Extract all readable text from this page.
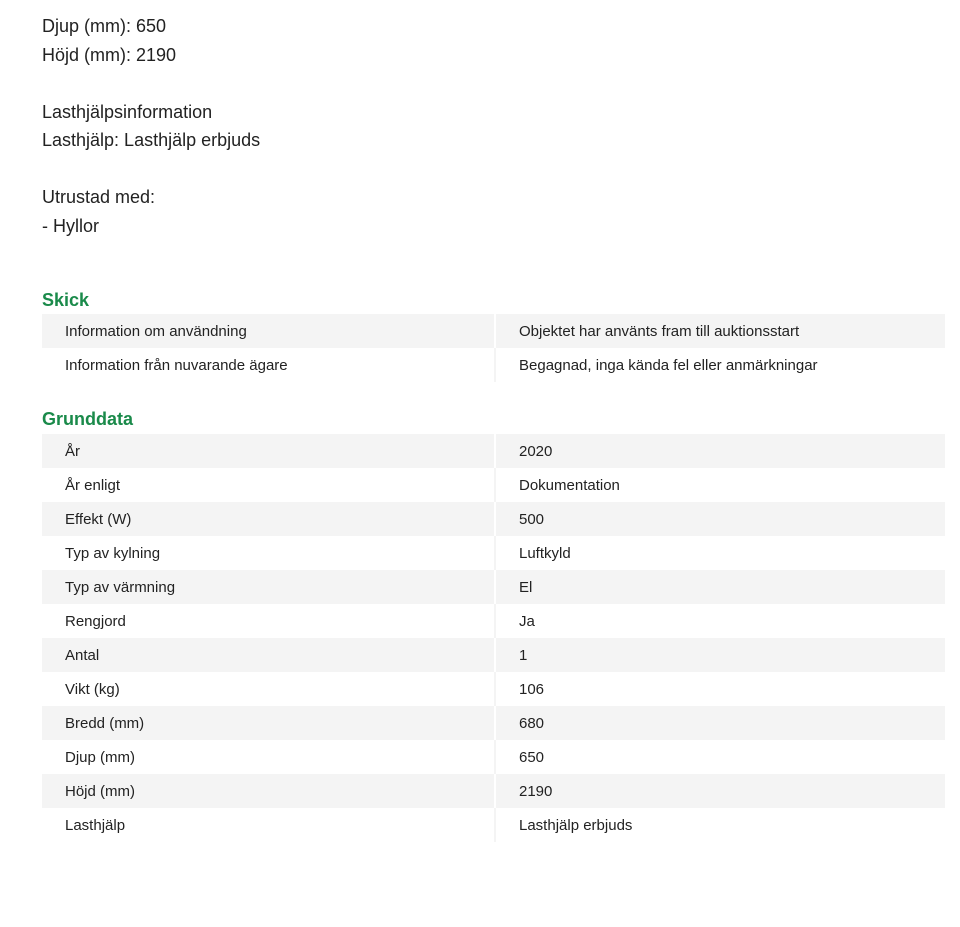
Djup (mm): 650
Höjd (mm): 2190
Lasthjälpsinformation
Lasthjälp: Lasthjälp erbjuds
Utrustad med:
- Hyllor
Skick
Information om användning	Objektet har använts fram till auktionsstart
Information från nuvarande ägare	Begagnad, inga kända fel eller anmärkningar
Grunddata
År	2020
År enligt	Dokumentation
Effekt (W)	500
Typ av kylning	Luftkyld
Typ av värmning	El
Rengjord	Ja
Antal	1
Vikt (kg)	106
Bredd (mm)	680
Djup (mm)	650
Höjd (mm)	2190
Lasthjälp	Lasthjälp erbjuds
